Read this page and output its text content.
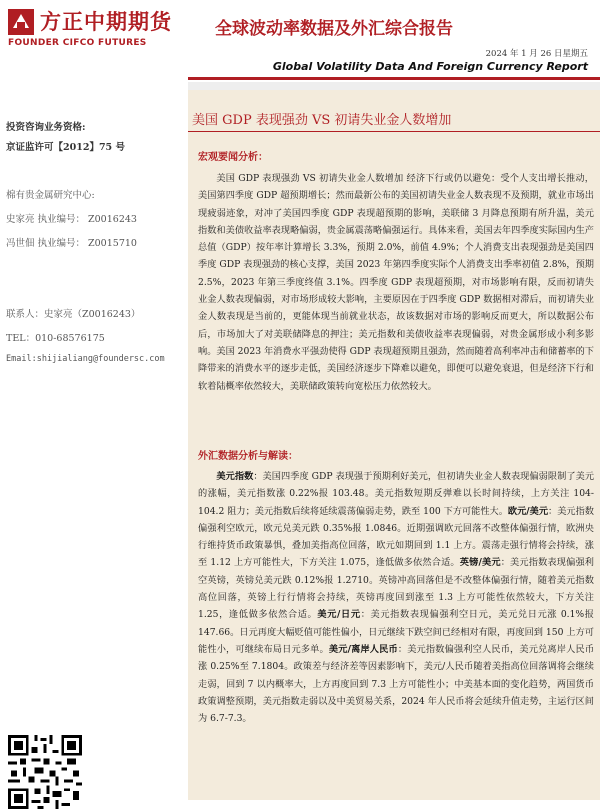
方正中期期货
FOUNDER CIFCO FUTURES
全球波动率数据及外汇综合报告
2024 年 1 月 26 日星期五
Global Volatility Data And Foreign Currency Report
投资咨询业务资格:
京证监许可【2012】75 号
棉有贵金属研究中心:
史家亮 执业编号： Z0016243
冯世佃 执业编号： Z0015710
联系人：史家亮（Z0016243）
TEL：010-68576175
Email:shijialiang@foundersc.com
美国 GDP 表现强劲 VS 初请失业金人数增加
宏观要闻分析：

美国 GDP 表现强劲 VS 初请失业金人数增加 经济下行或仍以避免：受个人支出增长推动，美国第四季度 GDP 超预期增长；然而最新公布的美国初请失业金人数表现不及预期，就业市场出现疲弱迹象，对冲了美国四季度 GDP 表现超预期的影响，美联储 3 月降息预期有所升温，美元指数和美债收益率表现略偏弱，贵金属震荡略偏强运行。具体来看，美国去年四季度实际国内生产总值（GDP）按年率计算增长 3.3%，预期 2.0%，前值 4.9%；个人消费支出表现强劲是美国四季度 GDP 表现强劲的核心支撑，美国 2023 年第四季度实际个人消费支出季率初值 2.8%，预期 2.5%，2023 年第三季度终值 3.1%。四季度 GDP 表现超预期，对市场影响有限，反而初请失业金人数表现偏弱，对市场形成较大影响，主要原因在于四季度 GDP 数据相对滞后，而初请失业金人数表现是当前的，更能体现当前就业状态，故该数据对市场的影响反而更大，所以数据公布后，市场加大了对美联储降息的押注；美元指数和美债收益率表现偏弱，对贵金属形成小利多影响。美国 2023 年消费水平强劲使得 GDP 表现超预期且强劲，然而随着高利率冲击和储蓄率的下降带来的消费水平的逐步走低，美国经济逐步下降难以避免，即便可以避免衰退，但是经济下行和软着陆概率依然较大，美联储政策转向宽松压力依然较大。

外汇数据分析与解读：

美元指数：美国四季度 GDP 表现强于预期利好美元，但初请失业金人数表现偏弱限制了美元的涨幅，美元指数涨 0.22%报 103.48。美元指数短期反弹难以长时间持续，上方关注 104-104.2 阻力；美元指数后续将延续震荡偏弱走势，跌至 100 下方可能性大。欧元/美元：美元指数偏强利空欧元，欧元兑美元跌 0.35%报 1.0846。近期强调欧元回落不改整体偏强行情，欧洲央行维持货币政策暴惧，叠加美指高位回落，欧元如期回到 1.1 上方。震荡走强行情将会持续，涨至 1.12 上方可能性大，下方关注 1.075，逢低做多依然合适。英镑/美元：美元指数表现偏强利空英镑，英镑兑美元跌 0.12%报 1.2710。英镑冲高回落但是不改整体偏强行情，随着美元指数高位回落，英镑上行行情将会持续，英镑再度回到涨至 1.3 上方可能性依然较大，下方关注 1.25，逢低做多依然合适。美元/日元：美元指数表现偏强利空日元，美元兑日元涨 0.1%报 147.66。日元再度大幅贬值可能性偏小，日元继续下跌空间已经相对有限，再度回到 150 上方可能性小，可继续布局日元多单。美元/离岸人民币：美元指数偏强利空人民币，美元兑离岸人民币涨 0.25%至 7.1804。政策差与经济差等因素影响下，美元/人民币随着美指高位回落调将会继续走弱，回到 7 以内概率大，上方再度回到 7.3 上方可能性小；中美基本面的变化趋势，两国货币政策调整预期，美元指数走弱以及中美贸易关系，2024 年人民币将会延续升值走势，主运行区间为 6.7-7.3。
